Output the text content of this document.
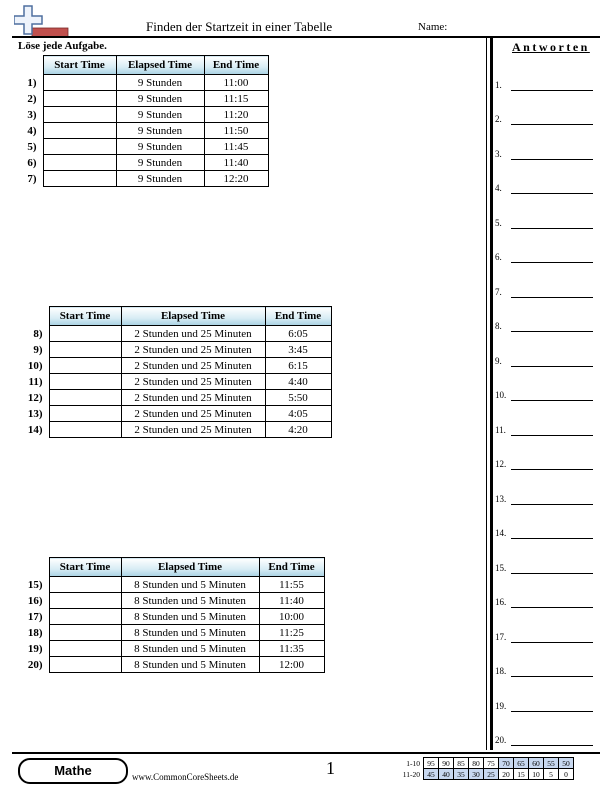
Finden der Startzeit in einer Tabelle	Name:
Löse jede Aufgabe.
	Start Time	Elapsed Time	End Time
1)		9 Stunden	11:00
2)		9 Stunden	11:15
3)		9 Stunden	11:20
4)		9 Stunden	11:50
5)		9 Stunden	11:45
6)		9 Stunden	11:40
7)		9 Stunden	12:20
	Start Time	Elapsed Time	End Time
8)		2 Stunden und 25 Minuten	6:05
9)		2 Stunden und 25 Minuten	3:45
10)		2 Stunden und 25 Minuten	6:15
11)		2 Stunden und 25 Minuten	4:40
12)		2 Stunden und 25 Minuten	5:50
13)		2 Stunden und 25 Minuten	4:05
14)		2 Stunden und 25 Minuten	4:20
	Start Time	Elapsed Time	End Time
15)		8 Stunden und 5 Minuten	11:55
16)		8 Stunden und 5 Minuten	11:40
17)		8 Stunden und 5 Minuten	10:00
18)		8 Stunden und 5 Minuten	11:25
19)		8 Stunden und 5 Minuten	11:35
20)		8 Stunden und 5 Minuten	12:00
Antworten
1.
2.
3.
4.
5.
6.
7.
8.
9.
10.
11.
12.
13.
14.
15.
16.
17.
18.
19.
20.
Mathe	www.CommonCoreSheets.de	1	1-10	95	90	85	80	75	70	65	60	55	50
11-20	45	40	35	30	25	20	15	10	5	0
